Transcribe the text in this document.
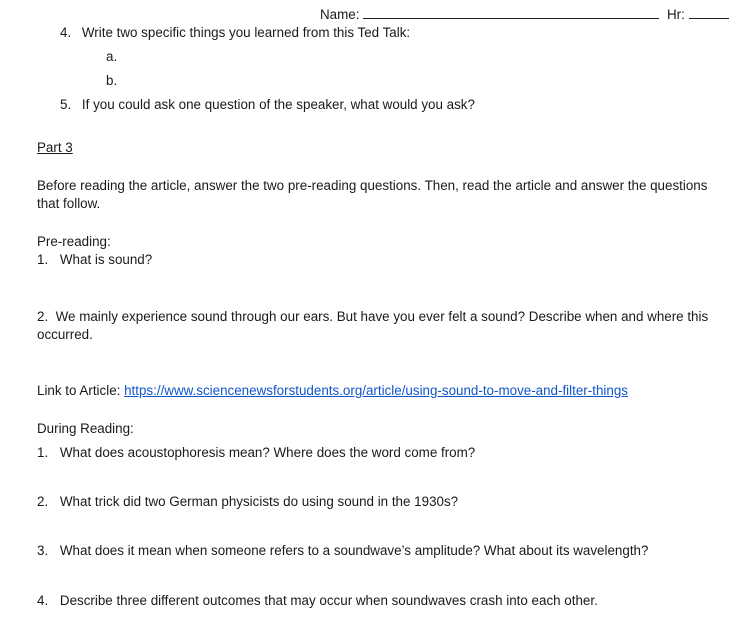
Name:	Hr:
4. Write two specific things you learned from this Ted Talk:
a.
b.
5. If you could ask one question of the speaker, what would you ask?
Part 3
Before reading the article, answer the two pre-reading questions. Then, read the article and answer the questions that follow.
Pre-reading:
1. What is sound?
2. We mainly experience sound through our ears. But have you ever felt a sound? Describe when and where this occurred.
Link to Article: https://www.sciencenewsforstudents.org/article/using-sound-to-move-and-filter-things
During Reading:
1. What does acoustophoresis mean? Where does the word come from?
2. What trick did two German physicists do using sound in the 1930s?
3. What does it mean when someone refers to a soundwave’s amplitude? What about its wavelength?
4. Describe three different outcomes that may occur when soundwaves crash into each other.
